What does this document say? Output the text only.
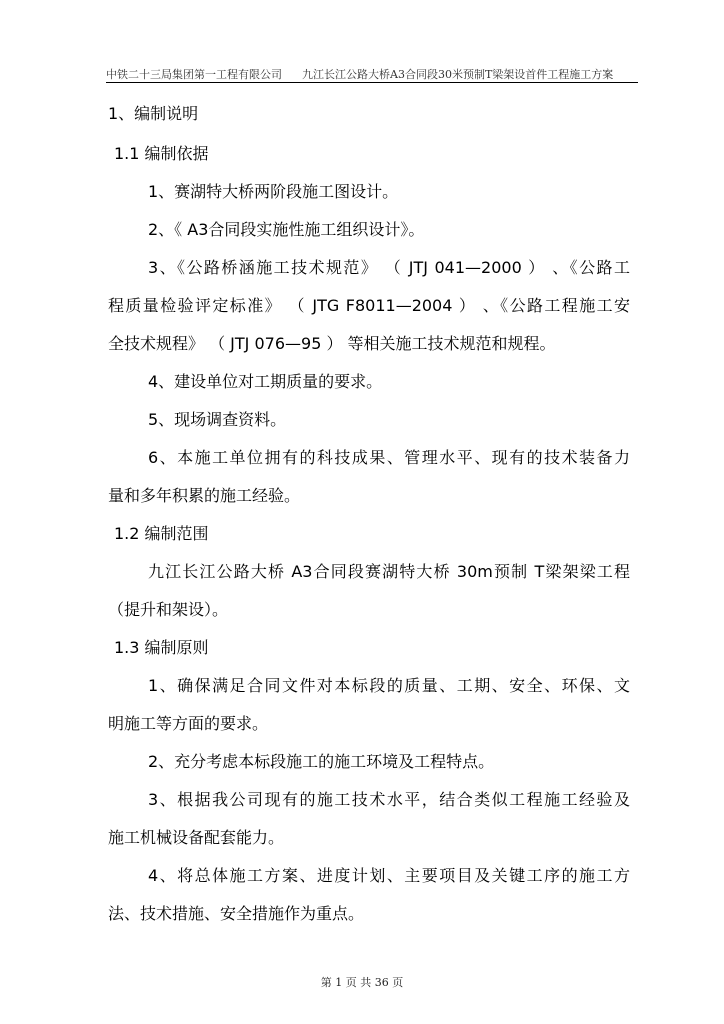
中铁二十三局集团第一工程有限公司 九江长江公路大桥A3合同段30米预制T梁架设首件工程施工方案
1、编制说明
1.1 编制依据
1、赛湖特大桥两阶段施工图设计。
2、《 A3合同段实施性施工组织设计》。
3、《公路桥涵施工技术规范》 （ JTJ 041—2000 ） 、《公路工
程质量检验评定标准》 （ JTG F8011—2004 ） 、《公路工程施工安
全技术规程》 （ JTJ 076—95 ） 等相关施工技术规范和规程。
4、建设单位对工期质量的要求。
5、现场调查资料。
6、本施工单位拥有的科技成果、管理水平、现有的技术装备力
量和多年积累的施工经验。
1.2 编制范围
九江长江公路大桥 A3合同段赛湖特大桥 30m预制 T梁架梁工程
（提升和架设）。
1.3 编制原则
1、确保满足合同文件对本标段的质量、工期、安全、环保、文
明施工等方面的要求。
2、充分考虑本标段施工的施工环境及工程特点。
3、根据我公司现有的施工技术水平，结合类似工程施工经验及
施工机械设备配套能力。
4、将总体施工方案、进度计划、主要项目及关键工序的施工方
法、技术措施、安全措施作为重点。
第 1 页 共 36 页
